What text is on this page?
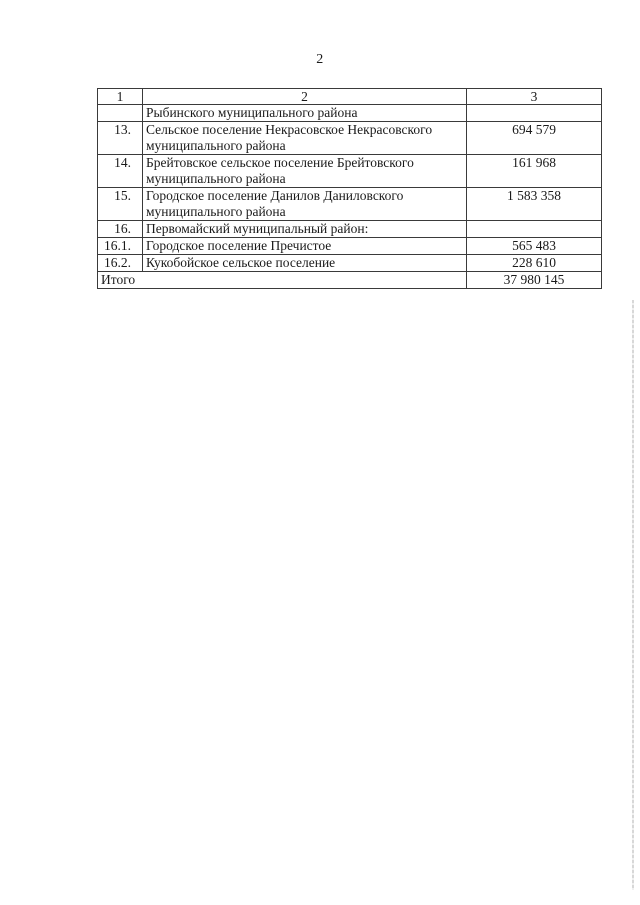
2
1	2	3
	Рыбинского муниципального района	
13.	Сельское поселение Некрасовское Некрасовского муниципального района	694 579
14.	Брейтовское сельское поселение Брейтовского муниципального района	161 968
15.	Городское поселение Данилов Даниловского муниципального района	1 583 358
16.	Первомайский муниципальный район:	
16.1.	Городское поселение Пречистое	565 483
16.2.	Кукобойское сельское поселение	228 610
Итого		37 980 145
